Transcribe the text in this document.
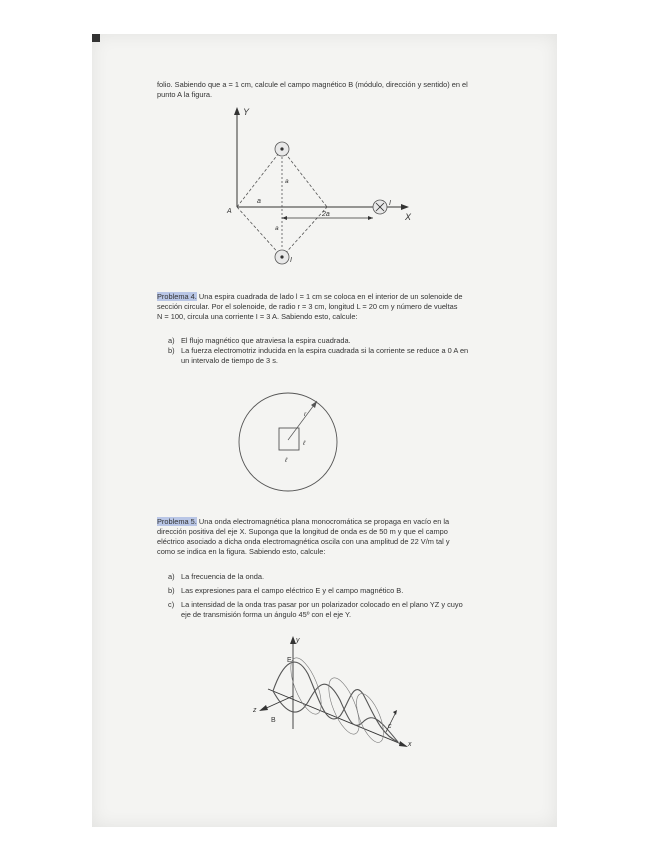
folio. Sabiendo que a = 1 cm, calcule el campo magnético B (módulo, dirección y sentido) en el
punto A la figura.
Y
X
A
a
a
a
2a
I
I
Problema 4. Una espira cuadrada de lado l = 1 cm se coloca en el interior de un solenoide de
sección circular. Por el solenoide, de radio r = 3 cm, longitud L = 20 cm y número de vueltas
N = 100, circula una corriente I = 3 A. Sabiendo esto, calcule:
a) El flujo magnético que atraviesa la espira cuadrada.
b) La fuerza electromotriz inducida en la espira cuadrada si la corriente se reduce a 0 A en
un intervalo de tiempo de 3 s.
r
ℓ
ℓ
Problema 5. Una onda electromagnética plana monocromática se propaga en vacío en la
dirección positiva del eje X. Suponga que la longitud de onda es de 50 m y que el campo
eléctrico asociado a dicha onda electromagnética oscila con una amplitud de 22 V/m tal y
como se indica en la figura. Sabiendo esto, calcule:
a) La frecuencia de la onda.
b) Las expresiones para el campo eléctrico E y el campo magnético B.
c) La intensidad de la onda tras pasar por un polarizador colocado en el plano YZ y cuyo
eje de transmisión forma un ángulo 45º con el eje Y.
y
x
z
E
B
c
